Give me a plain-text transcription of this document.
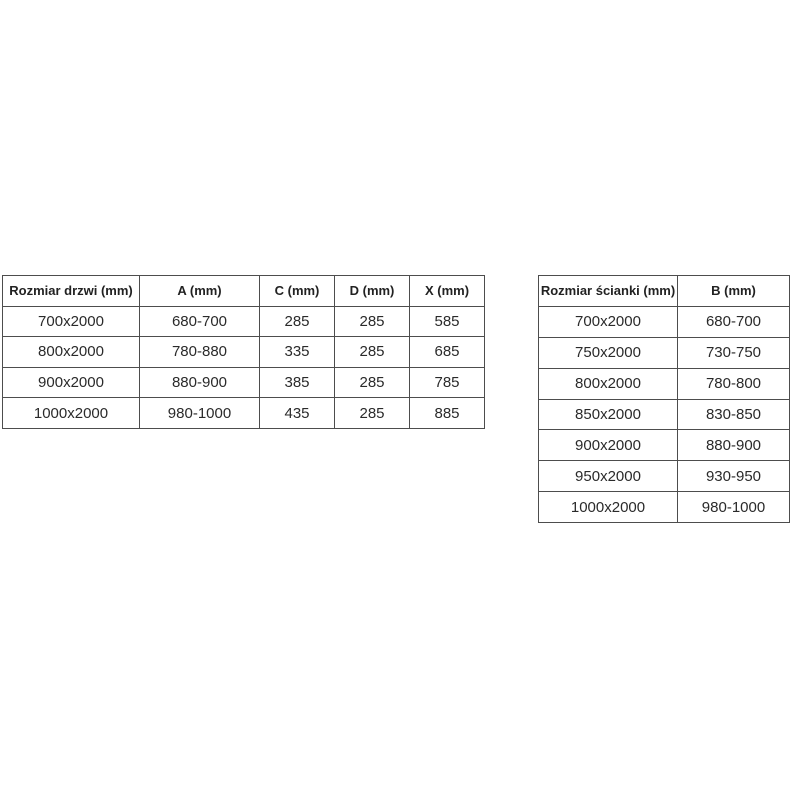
Rozmiar drzwi (mm)	A (mm)	C (mm)	D (mm)	X (mm)
700x2000	680-700	285	285	585
800x2000	780-880	335	285	685
900x2000	880-900	385	285	785
1000x2000	980-1000	435	285	885
Rozmiar ścianki (mm)	B (mm)
700x2000	680-700
750x2000	730-750
800x2000	780-800
850x2000	830-850
900x2000	880-900
950x2000	930-950
1000x2000	980-1000
